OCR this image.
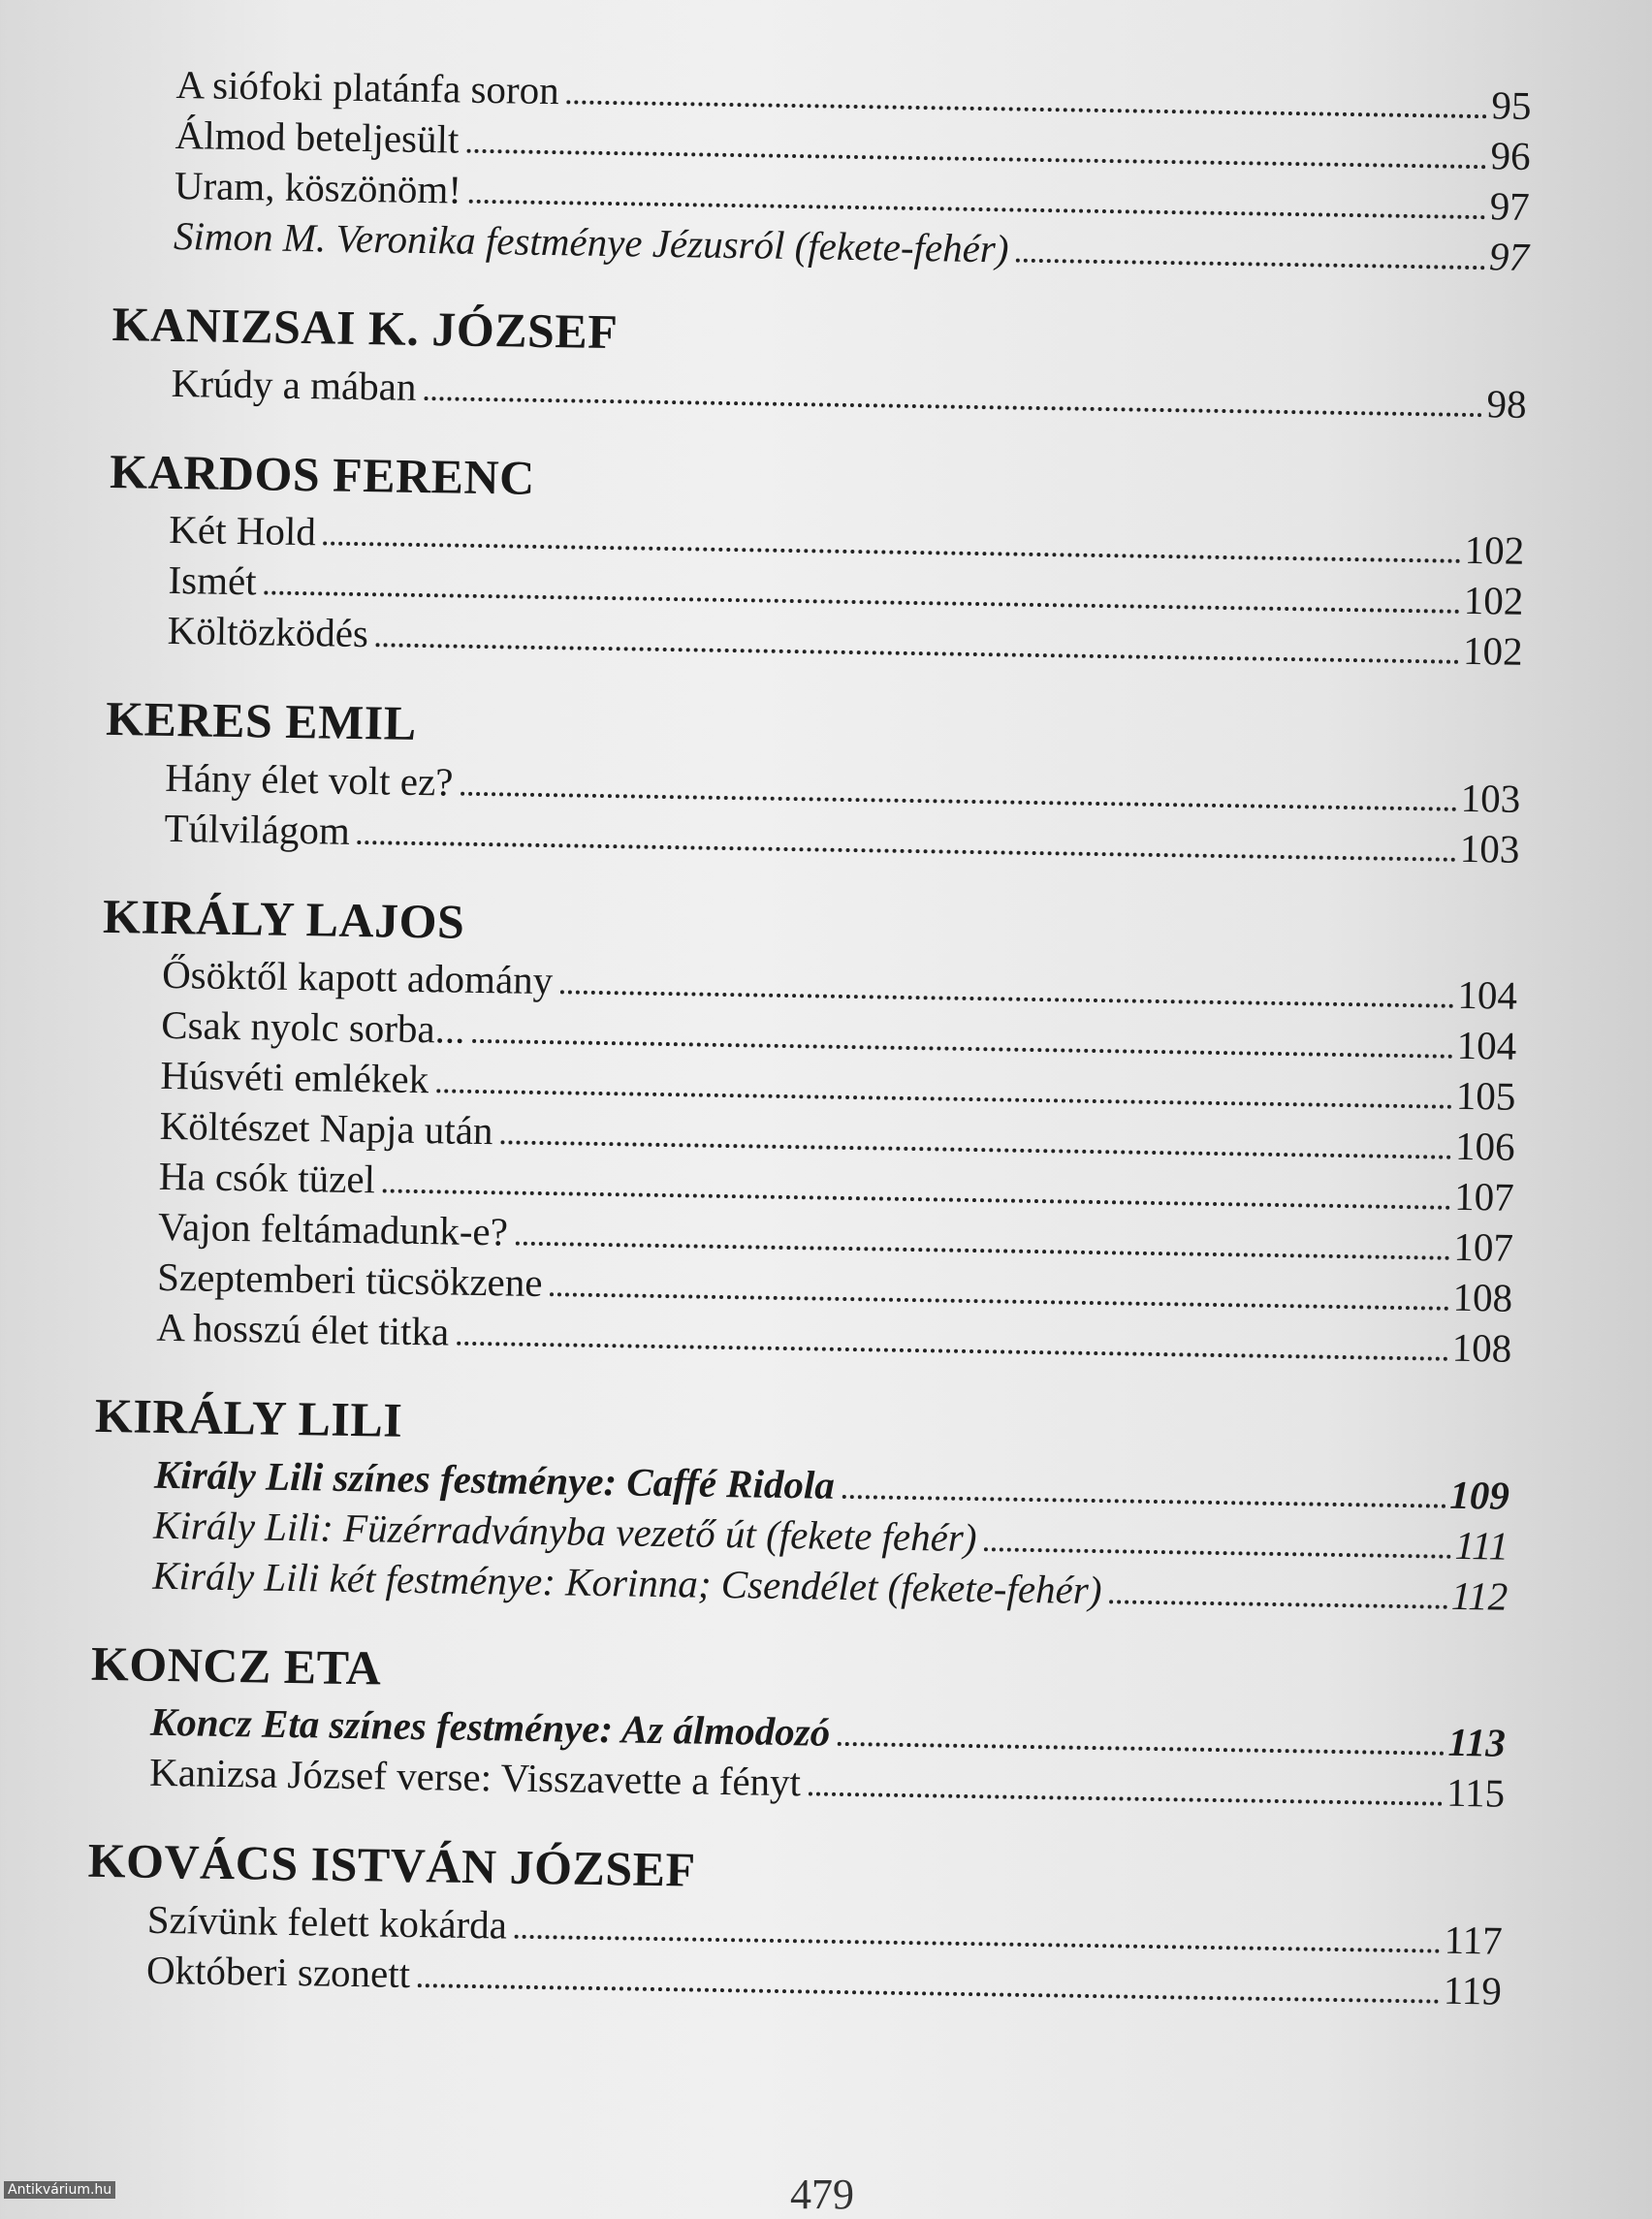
A siófoki platánfa soron	95
Álmod beteljesült	96
Uram, köszönöm!	97
Simon M. Veronika festménye Jézusról (fekete-fehér)	97
KANIZSAI K. JÓZSEF
Krúdy a mában	98
KARDOS FERENC
Két Hold	102
Ismét	102
Költözködés	102
KERES EMIL
Hány élet volt ez?	103
Túlvilágom	103
KIRÁLY LAJOS
Ősöktől kapott adomány	104
Csak nyolc sorba...	104
Húsvéti emlékek	105
Költészet Napja után	106
Ha csók tüzel	107
Vajon feltámadunk-e?	107
Szeptemberi tücsökzene	108
A hosszú élet titka	108
KIRÁLY LILI
Király Lili színes festménye: Caffé Ridola	109
Király Lili: Füzérradványba vezető út (fekete fehér)	111
Király Lili két festménye: Korinna; Csendélet (fekete-fehér)	112
KONCZ ETA
Koncz Eta színes festménye: Az álmodozó	113
Kanizsa József verse: Visszavette a fényt	115
KOVÁCS ISTVÁN JÓZSEF
Szívünk felett kokárda	117
Októberi szonett	119
479
Antikvárium.hu
